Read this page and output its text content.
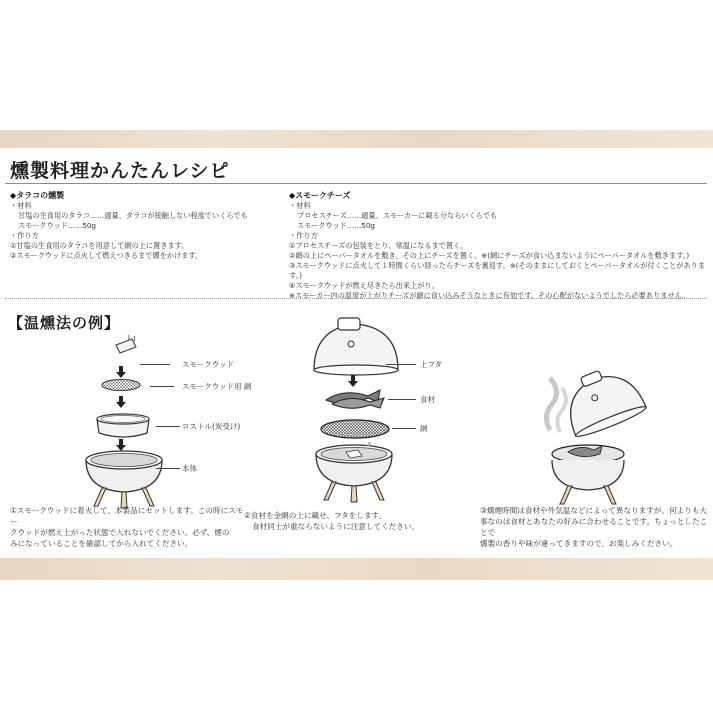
燻製料理かんたんレシピ
◆タラコの燻製
・材料
甘塩の生食用のタラコ……適量、タラコが接触しない程度でいくらでも
スモークウッド……50g
・作り方
①甘塩の生食用のタラコを用意して網の上に置きます。
②スモークウッドに点火して燃えつきるまで燻をかけます。
◆スモークチーズ
・材料
プロセスチーズ……適量、スモーカーに載る分ならいくらでも
スモークウッド……50g
・作り方
①プロセスチーズの包装をとり、常温になるまで置く。
②網の上にペーパータオルを敷き、その上にチーズを置く。※(網にチーズが食い込まないようにペーパータオルを敷きます。)
③スモークウッドに点火して１時間くらい経ったらチーズを裏返す。※(そのままにしておくとペーパータオルが付くことがあります。)
④スモークウッドが燃え尽きたら出来上がり。
※スモーカー内の温度が上がりチーズが網に食い込みそうなときに有効です。その心配がないようでしたら必要ありません。
【温燻法の例】
スモークウッド
スモークウッド用 網
ロストル(炭受け)
本体
上フタ
食材
網
①スモークウッドに着火して、本製品にセットします。この時にスモー
クウッドが燃え上がった状態で入れないでください。必ず、煙の
みになっていることを確認してから入れてください。
②食材を金網の上に載せ、フタをします。
食材同士が重ならないように注意してください。
③燻煙時間は食材や外気温などによって異なりますが、何よりも大
事なのは食材とあなたの好みに合わせることです。ちょっとしたことで
燻製の香りや味が違ってきますので、お楽しみください。
